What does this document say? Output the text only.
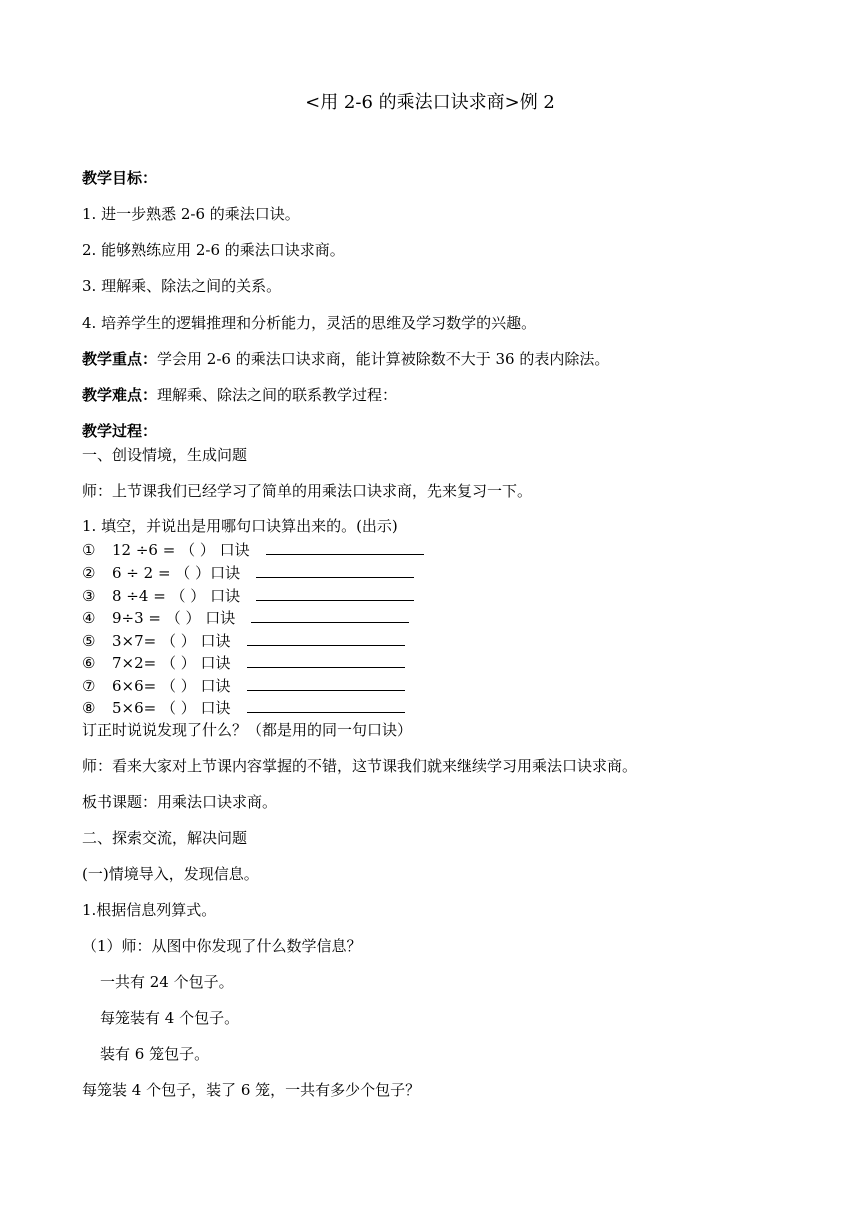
<用 2-6 的乘法口诀求商>例 2
教学目标：
1. 进一步熟悉 2-6 的乘法口诀。
2. 能够熟练应用 2-6 的乘法口诀求商。
3. 理解乘、除法之间的关系。
4. 培养学生的逻辑推理和分析能力，灵活的思维及学习数学的兴趣。
教学重点：学会用 2-6 的乘法口诀求商，能计算被除数不大于 36 的表内除法。
教学难点：理解乘、除法之间的联系教学过程：
教学过程：
一、创设情境，生成问题
师：上节课我们已经学习了简单的用乘法口诀求商，先来复习一下。
1. 填空，并说出是用哪句口诀算出来的。(出示)
① 12 ÷6 = （ ） 口诀
② 6 ÷ 2 = （ ）口诀
③ 8 ÷4 = （ ） 口诀
④ 9÷3 = （ ） 口诀
⑤ 3×7= （ ） 口诀
⑥ 7×2= （ ） 口诀
⑦ 6×6= （ ） 口诀
⑧ 5×6= （ ） 口诀
订正时说说发现了什么？（都是用的同一句口诀）
师：看来大家对上节课内容掌握的不错，这节课我们就来继续学习用乘法口诀求商。
板书课题：用乘法口诀求商。
二、探索交流，解决问题
(一)情境导入，发现信息。
1.根据信息列算式。
（1）师：从图中你发现了什么数学信息？
一共有 24 个包子。
每笼装有 4 个包子。
装有 6 笼包子。
每笼装 4 个包子，装了 6 笼，一共有多少个包子？
